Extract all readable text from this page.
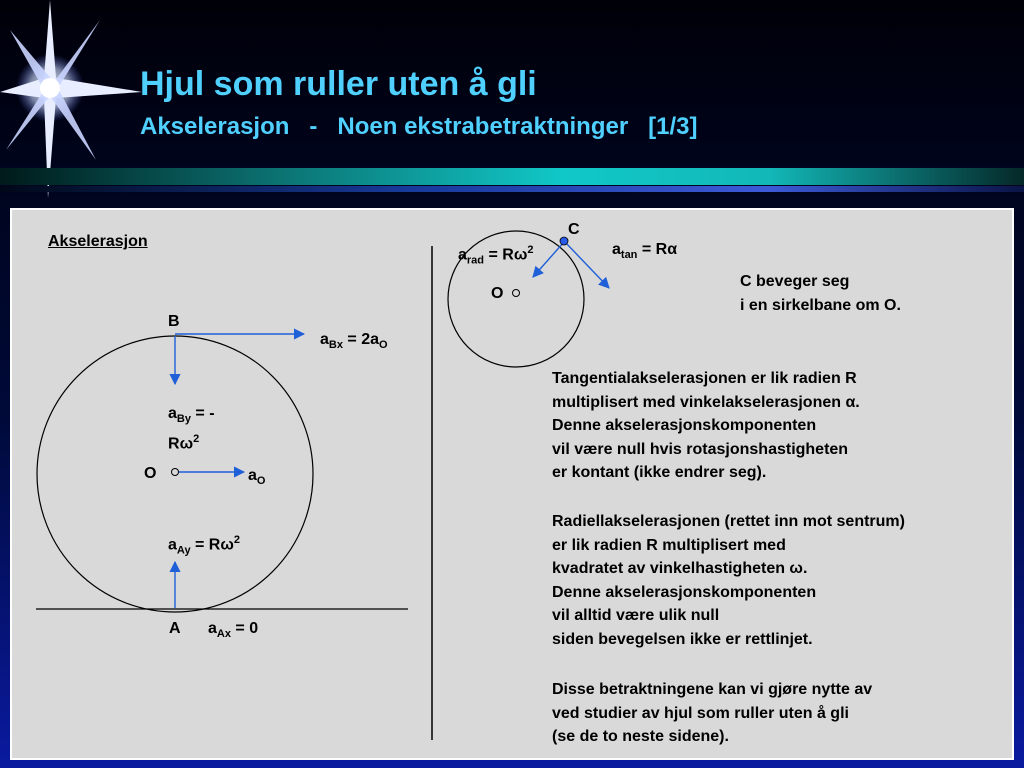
Hjul som ruller uten å gli
Akselerasjon   -   Noen ekstrabetraktninger   [1/3]

Akselerasjon

B

$a_{Bx} = 2a_O$

$a_{By}$ = -
$R\omega^2$

O	$a_O$

$a_{Ay} = R\omega^2$

A $a_{Ax} = 0$

C

$a_{rad} = R\omega^2$	$a_{tan} = R\alpha$

O

C beveger seg

i en sirkelbane om O.

Tangentialakselerasjonen er lik radien R
multiplisert med vinkelakselerasjonen α.
Denne akselerasjonskomponenten
vil være null hvis rotasjonshastigheten
er kontant (ikke endrer seg).
Radiellakselerasjonen (rettet inn mot sentrum)
er lik radien R multiplisert med
kvadratet av vinkelhastigheten ω.
Denne akselerasjonskomponenten
vil alltid være ulik null
siden bevegelsen ikke er rettlinjet.
Disse betraktningene kan vi gjøre nytte av
ved studier av hjul som ruller uten å gli
(se de to neste sidene).
